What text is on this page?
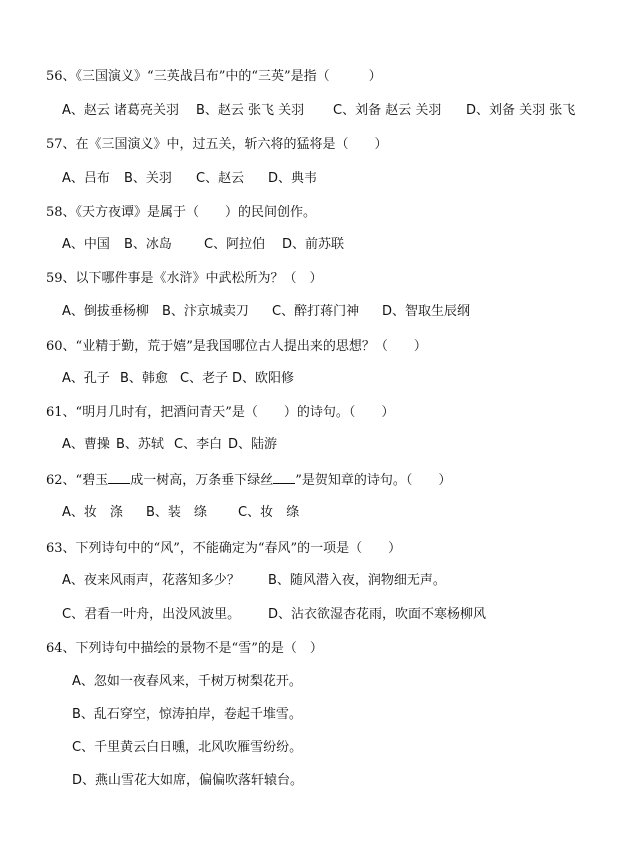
56、《三国演义》“三英战吕布”中的“三英”是指（　　　）
A、赵云 诸葛亮关羽 B、赵云 张飞 关羽 C、刘备 赵云 关羽 D、刘备 关羽 张飞
57、在《三国演义》中，过五关，斩六将的猛将是（　　）
A、吕布 B、关羽 C、赵云 D、典韦
58、《天方夜谭》是属于（　　）的民间创作。
A、中国 B、冰岛 C、阿拉伯 D、前苏联
59、以下哪件事是《水浒》中武松所为？（　）
A、倒拔垂杨柳 B、汴京城卖刀 C、醉打蒋门神 D、智取生辰纲
60、“业精于勤，荒于嬉”是我国哪位古人提出来的思想？（　　）
A、孔子 B、韩愈 C、老子 D、欧阳修
61、“明月几时有，把酒问青天”是（　　）的诗句。（　　）
A、曹操 B、苏轼 C、李白 D、陆游
62、“碧玉 成一树高，万条垂下绿丝 ”是贺知章的诗句。（　　）
A、妆　涤 B、装　绦 C、妆　绦
63、下列诗句中的“风”，不能确定为“春风”的一项是（　　）
A、夜来风雨声，花落知多少？ B、随风潜入夜，润物细无声。
C、君看一叶舟，出没风波里。 D、沾衣欲湿杏花雨，吹面不寒杨柳风
64、下列诗句中描绘的景物不是“雪”的是（　）
A、忽如一夜春风来，千树万树梨花开。
B、乱石穿空，惊涛拍岸，卷起千堆雪。
C、千里黄云白日曛，北风吹雁雪纷纷。
D、燕山雪花大如席，偏偏吹落轩辕台。
